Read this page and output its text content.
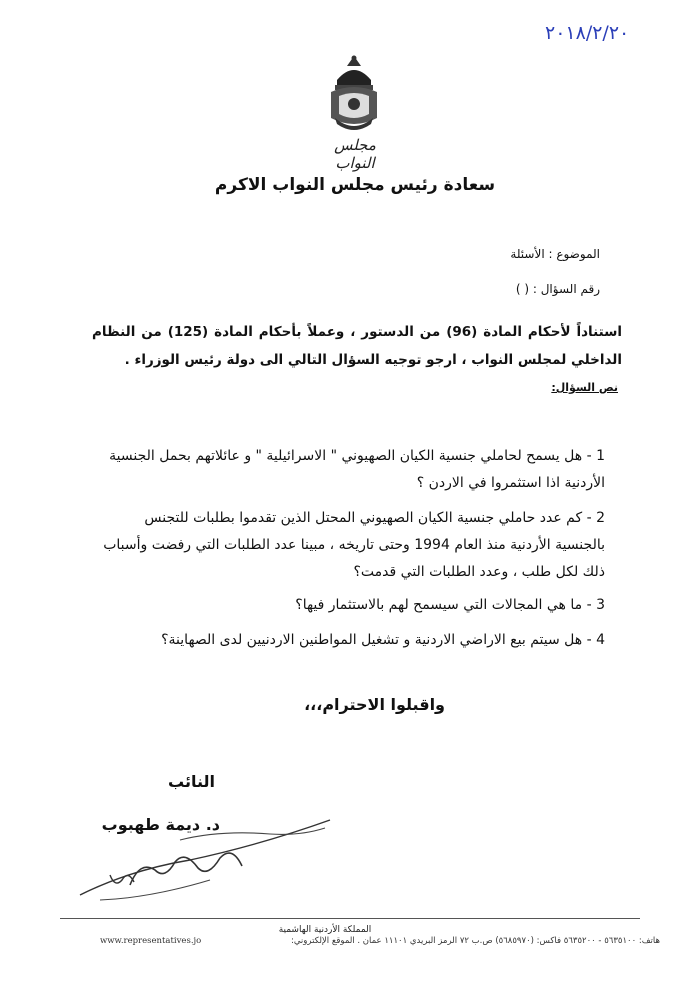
٢٠١٨/٢/٢٠
مجلس النواب
سعادة رئيس مجلس النواب الاكرم
الموضوع : الأسئلة
رقم السؤال : ( )
استناداً لأحكام المادة (96) من الدستور ، وعملاً بأحكام المادة (125) من النظام الداخلي لمجلس النواب ، ارجو توجيه السؤال التالي الى دولة رئيس الوزراء .
نص السؤال:
1 - هل يسمح لحاملي جنسية الكيان الصهيوني " الاسرائيلية " و عائلاتهم بحمل الجنسية الأردنية اذا استثمروا في الاردن ؟
2 - كم عدد حاملي جنسية الكيان الصهيوني المحتل الذين تقدموا بطلبات للتجنس بالجنسية الأردنية منذ العام 1994 وحتى تاريخه ، مبينا عدد الطلبات التي رفضت وأسباب ذلك لكل طلب ، وعدد الطلبات التي قدمت؟
3 - ما هي المجالات التي سيسمح لهم بالاستثمار فيها؟
4 - هل سيتم بيع الاراضي الاردنية و تشغيل المواطنين الاردنيين لدى الصهاينة؟
واقبلوا الاحترام،،،
النائب
د. ديمة طهبوب
المملكة الأردنية الهاشمية
هاتف: ٥٦٣٥١٠٠ - ٥٦٣٥٢٠٠ فاكس: (٥٦٨٥٩٧٠) ص.ب ٧٢ الرمز البريدي ١١١٠١ عمان . الموقع الإلكتروني:
www.representatives.jo
